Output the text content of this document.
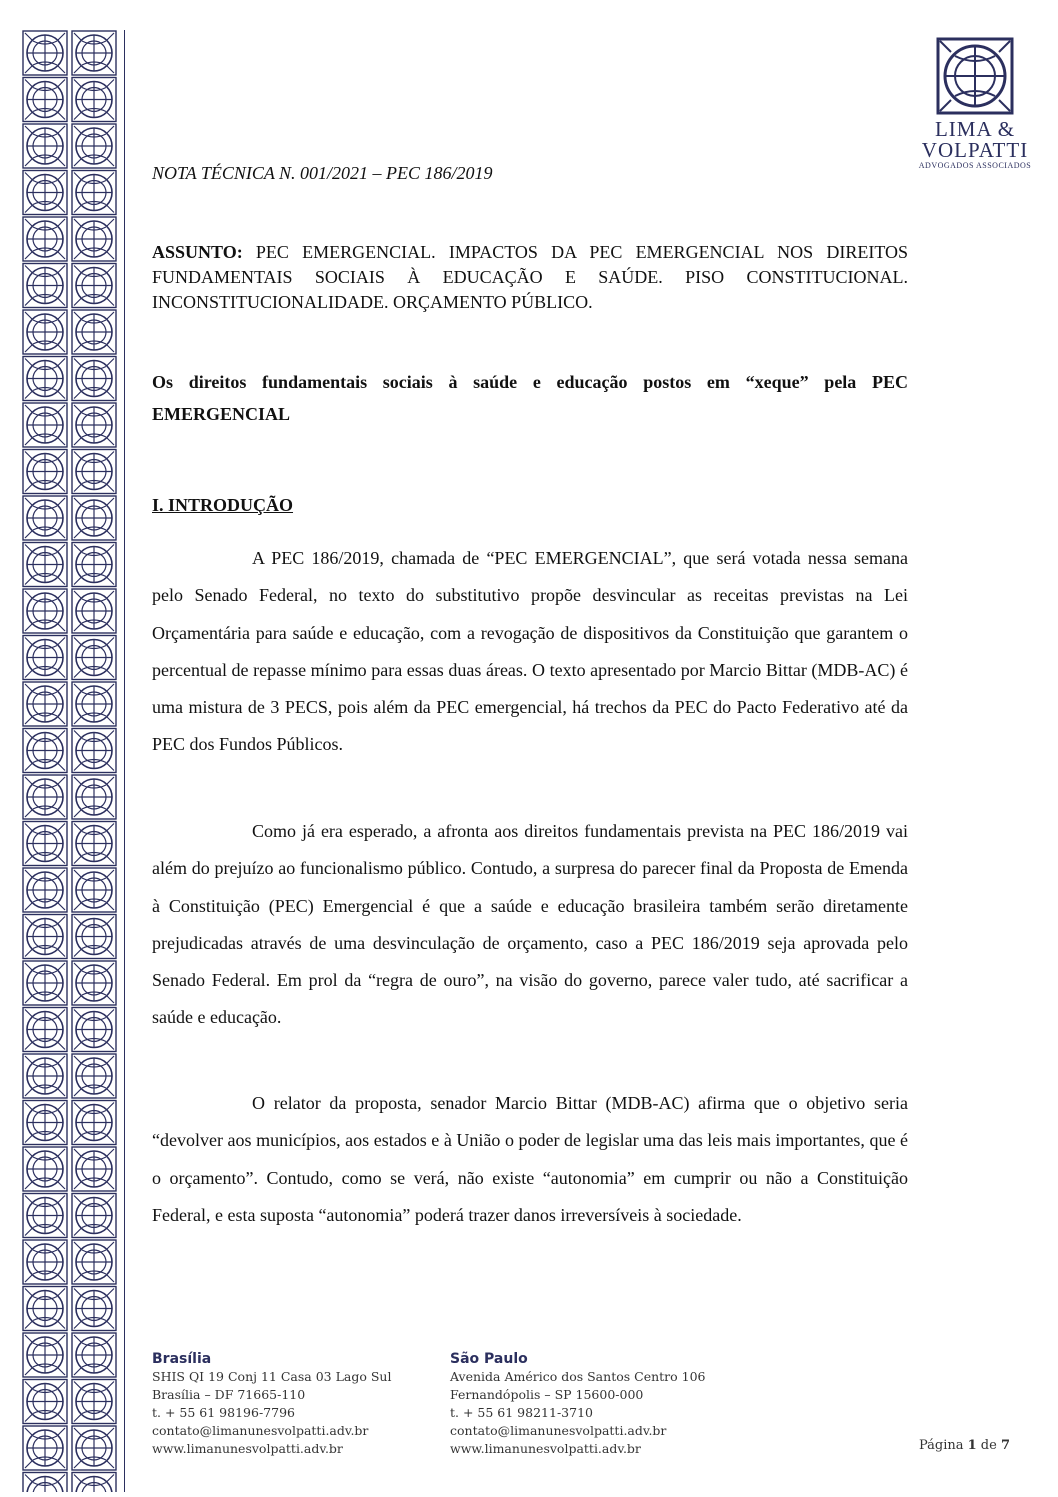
LIMA &
VOLPATTI
ADVOGADOS ASSOCIADOS
NOTA TÉCNICA N. 001/2021 – PEC 186/2019
ASSUNTO: PEC EMERGENCIAL. IMPACTOS DA PEC EMERGENCIAL NOS DIREITOS FUNDAMENTAIS SOCIAIS À EDUCAÇÃO E SAÚDE. PISO CONSTITUCIONAL. INCONSTITUCIONALIDADE. ORÇAMENTO PÚBLICO.
Os direitos fundamentais sociais à saúde e educação postos em “xeque” pela PEC EMERGENCIAL
I. INTRODUÇÃO

A PEC 186/2019, chamada de “PEC EMERGENCIAL”, que será votada nessa semana pelo Senado Federal, no texto do substitutivo propõe desvincular as receitas previstas na Lei Orçamentária para saúde e educação, com a revogação de dispositivos da Constituição que garantem o percentual de repasse mínimo para essas duas áreas. O texto apresentado por Marcio Bittar (MDB-AC) é uma mistura de 3 PECS, pois além da PEC emergencial, há trechos da PEC do Pacto Federativo até da PEC dos Fundos Públicos.

Como já era esperado, a afronta aos direitos fundamentais prevista na PEC 186/2019 vai além do prejuízo ao funcionalismo público. Contudo, a surpresa do parecer final da Proposta de Emenda à Constituição (PEC) Emergencial é que a saúde e educação brasileira também serão diretamente prejudicadas através de uma desvinculação de orçamento, caso a PEC 186/2019 seja aprovada pelo Senado Federal. Em prol da “regra de ouro”, na visão do governo, parece valer tudo, até sacrificar a saúde e educação.

O relator da proposta, senador Marcio Bittar (MDB-AC) afirma que o objetivo seria “devolver aos municípios, aos estados e à União o poder de legislar uma das leis mais importantes, que é o orçamento”. Contudo, como se verá, não existe “autonomia” em cumprir ou não a Constituição Federal, e esta suposta “autonomia” poderá trazer danos irreversíveis à sociedade.

Brasília
SHIS QI 19 Conj 11 Casa 03 Lago Sul
Brasília – DF 71665-110
t. + 55 61 98196-7796
contato@limanunesvolpatti.adv.br
www.limanunesvolpatti.adv.br
São Paulo
Avenida Américo dos Santos Centro 106
Fernandópolis – SP 15600-000
t. + 55 61 98211-3710
contato@limanunesvolpatti.adv.br
www.limanunesvolpatti.adv.br	Página 1 de 7
